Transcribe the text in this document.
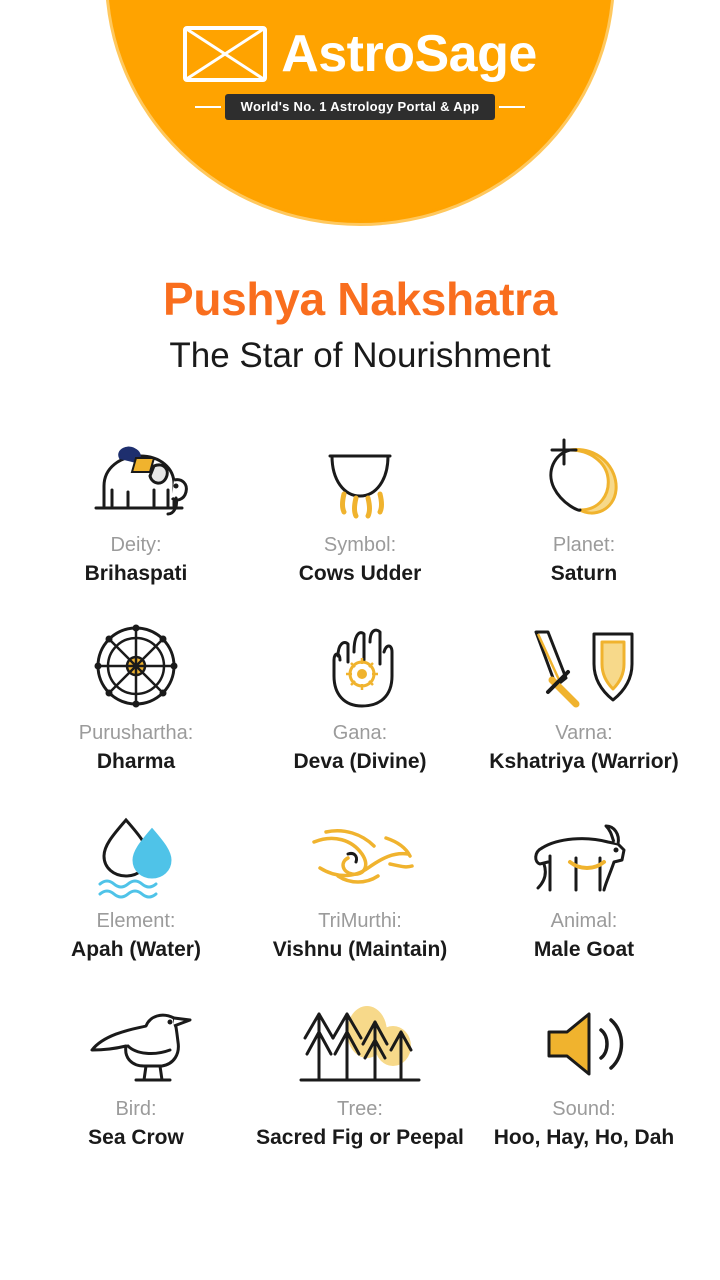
AstroSage
World's No. 1 Astrology Portal & App
Pushya Nakshatra
The Star of Nourishment
Deity:
Brihaspati
Symbol:
Cows Udder
Planet:
Saturn
Purushartha:
Dharma
Gana:
Deva (Divine)
Varna:
Kshatriya (Warrior)
Element:
Apah (Water)
TriMurthi:
Vishnu (Maintain)
Animal:
Male Goat
Bird:
Sea Crow
Tree:
Sacred Fig or Peepal
Sound:
Hoo, Hay, Ho, Dah
